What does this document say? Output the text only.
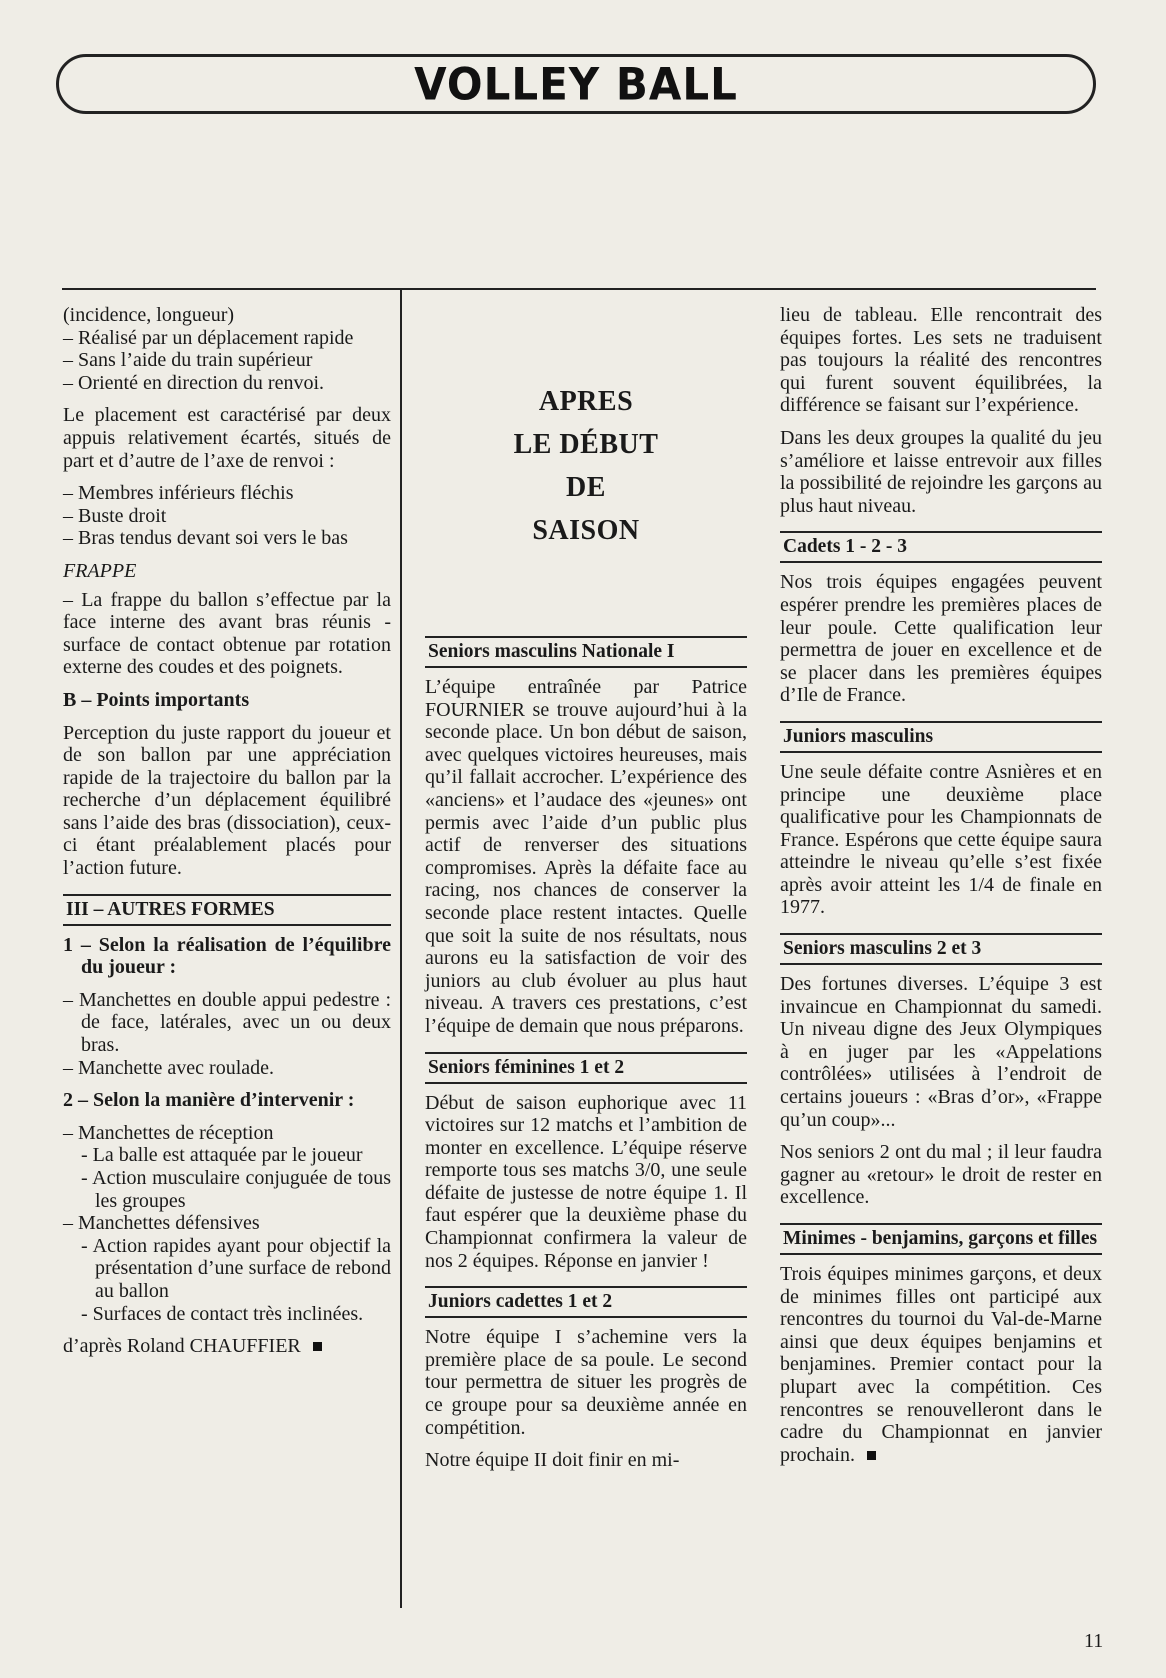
VOLLEY BALL

(incidence, longueur)

– Réalisé par un déplacement rapide

– Sans l’aide du train supérieur

– Orienté en direction du renvoi.

Le placement est caractérisé par deux appuis relativement écartés, situés de part et d’autre de l’axe de renvoi :

– Membres inférieurs fléchis

– Buste droit

– Bras tendus devant soi vers le bas

FRAPPE

– La frappe du ballon s’effectue par la face interne des avant bras réunis - surface de contact obtenue par rotation externe des coudes et des poignets.

B – Points importants

Perception du juste rapport du joueur et de son ballon par une appréciation rapide de la trajectoire du ballon par la recherche d’un déplacement équilibré sans l’aide des bras (dissociation), ceux-ci étant préalablement placés pour l’action future.

III – AUTRES FORMES

1 – Selon la réalisation de l’équilibre du joueur :

– Manchettes en double appui pedestre : de face, latérales, avec un ou deux bras.

– Manchette avec roulade.

2 – Selon la manière d’intervenir :

– Manchettes de réception

- La balle est attaquée par le joueur

- Action musculaire conjuguée de tous les groupes

– Manchettes défensives

- Action rapides ayant pour objectif la présentation d’une surface de rebond au ballon

- Surfaces de contact très inclinées.

d’après Roland CHAUFFIER

APRES
LE DÉBUT
DE
SAISON
Seniors masculins Nationale I

L’équipe entraînée par Patrice FOURNIER se trouve aujourd’hui à la seconde place. Un bon début de saison, avec quelques victoires heureuses, mais qu’il fallait accrocher. L’expérience des «anciens» et l’audace des «jeunes» ont permis avec l’aide d’un public plus actif de renverser des situations compromises. Après la défaite face au racing, nos chances de conserver la seconde place restent intactes. Quelle que soit la suite de nos résultats, nous aurons eu la satisfaction de voir des juniors au club évoluer au plus haut niveau. A travers ces prestations, c’est l’équipe de demain que nous préparons.

Seniors féminines 1 et 2

Début de saison euphorique avec 11 victoires sur 12 matchs et l’ambition de monter en excellence. L’équipe réserve remporte tous ses matchs 3/0, une seule défaite de justesse de notre équipe 1. Il faut espérer que la deuxième phase du Championnat confirmera la valeur de nos 2 équipes. Réponse en janvier !

Juniors cadettes 1 et 2

Notre équipe I s’achemine vers la première place de sa poule. Le second tour permettra de situer les progrès de ce groupe pour sa deuxième année en compétition.

Notre équipe II doit finir en mi-

lieu de tableau. Elle rencontrait des équipes fortes. Les sets ne traduisent pas toujours la réalité des rencontres qui furent souvent équilibrées, la différence se faisant sur l’expérience.

Dans les deux groupes la qualité du jeu s’améliore et laisse entrevoir aux filles la possibilité de rejoindre les garçons au plus haut niveau.

Cadets 1 - 2 - 3

Nos trois équipes engagées peuvent espérer prendre les premières places de leur poule. Cette qualification leur permettra de jouer en excellence et de se placer dans les premières équipes d’Ile de France.

Juniors masculins

Une seule défaite contre Asnières et en principe une deuxième place qualificative pour les Championnats de France. Espérons que cette équipe saura atteindre le niveau qu’elle s’est fixée après avoir atteint les 1/4 de finale en 1977.

Seniors masculins 2 et 3

Des fortunes diverses. L’équipe 3 est invaincue en Championnat du samedi. Un niveau digne des Jeux Olympiques à en juger par les «Appelations contrôlées» utilisées à l’endroit de certains joueurs : «Bras d’or», «Frappe qu’un coup»...

Nos seniors 2 ont du mal ; il leur faudra gagner au «retour» le droit de rester en excellence.

Minimes - benjamins, garçons et filles

Trois équipes minimes garçons, et deux de minimes filles ont participé aux rencontres du tournoi du Val-de-Marne ainsi que deux équipes benjamins et benjamines. Premier contact pour la plupart avec la compétition. Ces rencontres se renouvelleront dans le cadre du Championnat en janvier prochain.

11
